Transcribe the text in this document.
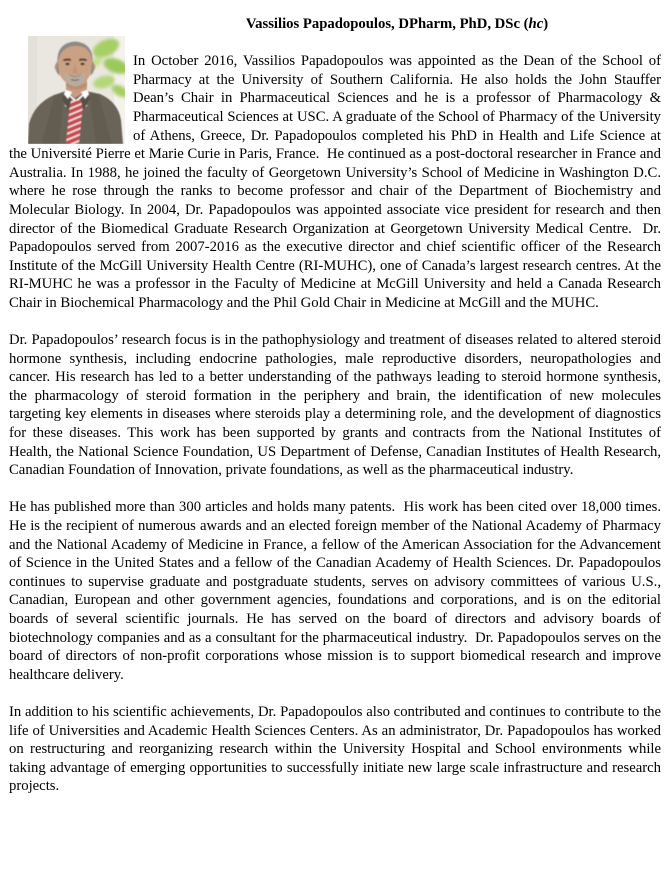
Vassilios Papadopoulos, DPharm, PhD, DSc (hc)

In October 2016, Vassilios Papadopoulos was appointed as the Dean of the School of Pharmacy at the University of Southern California. He also holds the John Stauffer Dean’s Chair in Pharmaceutical Sciences and he is a professor of Pharmacology & Pharmaceutical Sciences at USC. A graduate of the School of Pharmacy of the University of Athens, Greece, Dr. Papadopoulos completed his PhD in Health and Life Science at the Université Pierre et Marie Curie in Paris, France.  He continued as a post-doctoral researcher in France and Australia. In 1988, he joined the faculty of Georgetown University’s School of Medicine in Washington D.C. where he rose through the ranks to become professor and chair of the Department of Biochemistry and Molecular Biology. In 2004, Dr. Papadopoulos was appointed associate vice president for research and then director of the Biomedical Graduate Research Organization at Georgetown University Medical Centre.  Dr. Papadopoulos served from 2007-2016 as the executive director and chief scientific officer of the Research Institute of the McGill University Health Centre (RI-MUHC), one of Canada’s largest research centres. At the RI-MUHC he was a professor in the Faculty of Medicine at McGill University and held a Canada Research Chair in Biochemical Pharmacology and the Phil Gold Chair in Medicine at McGill and the MUHC.

Dr. Papadopoulos’ research focus is in the pathophysiology and treatment of diseases related to altered steroid hormone synthesis, including endocrine pathologies, male reproductive disorders, neuropathologies and cancer. His research has led to a better understanding of the pathways leading to steroid hormone synthesis, the pharmacology of steroid formation in the periphery and brain, the identification of new molecules targeting key elements in diseases where steroids play a determining role, and the development of diagnostics for these diseases. This work has been supported by grants and contracts from the National Institutes of Health, the National Science Foundation, US Department of Defense, Canadian Institutes of Health Research, Canadian Foundation of Innovation, private foundations, as well as the pharmaceutical industry.

He has published more than 300 articles and holds many patents.  His work has been cited over 18,000 times. He is the recipient of numerous awards and an elected foreign member of the National Academy of Pharmacy and the National Academy of Medicine in France, a fellow of the American Association for the Advancement of Science in the United States and a fellow of the Canadian Academy of Health Sciences. Dr. Papadopoulos continues to supervise graduate and postgraduate students, serves on advisory committees of various U.S., Canadian, European and other government agencies, foundations and corporations, and is on the editorial boards of several scientific journals. He has served on the board of directors and advisory boards of biotechnology companies and as a consultant for the pharmaceutical industry.  Dr. Papadopoulos serves on the board of directors of non-profit corporations whose mission is to support biomedical research and improve healthcare delivery.

In addition to his scientific achievements, Dr. Papadopoulos also contributed and continues to contribute to the life of Universities and Academic Health Sciences Centers. As an administrator, Dr. Papadopoulos has worked on restructuring and reorganizing research within the University Hospital and School environments while taking advantage of emerging opportunities to successfully initiate new large scale infrastructure and research projects.
